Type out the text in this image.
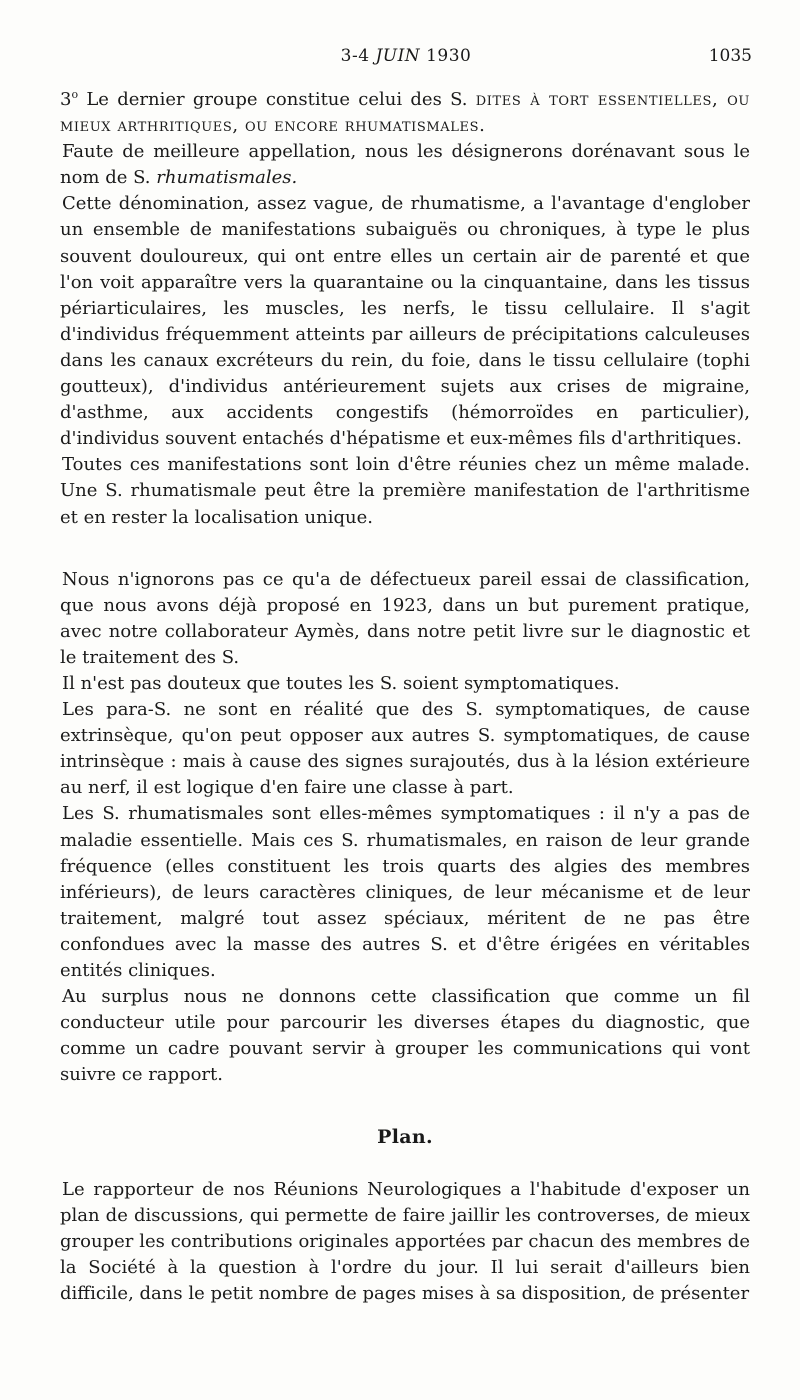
3-4 JUIN 1930	1035

3$^o$ Le dernier groupe constitue celui des S. dites à tort essentielles, ou mieux arthritiques, ou encore rhumatismales.

Faute de meilleure appellation, nous les désignerons dorénavant sous le nom de S. rhumatismales.

Cette dénomination, assez vague, de rhumatisme, a l'avantage d'englober un ensemble de manifestations subaiguës ou chroniques, à type le plus souvent douloureux, qui ont entre elles un certain air de parenté et que l'on voit apparaître vers la quarantaine ou la cinquantaine, dans les tissus périarticulaires, les muscles, les nerfs, le tissu cellulaire. Il s'agit d'individus fréquemment atteints par ailleurs de précipitations calculeuses dans les canaux excréteurs du rein, du foie, dans le tissu cellulaire (tophi goutteux), d'individus antérieurement sujets aux crises de migraine, d'asthme, aux accidents congestifs (hémorroïdes en particulier), d'individus souvent entachés d'hépatisme et eux-mêmes fils d'arthritiques.

Toutes ces manifestations sont loin d'être réunies chez un même malade. Une S. rhumatismale peut être la première manifestation de l'arthritisme et en rester la localisation unique.

Nous n'ignorons pas ce qu'a de défectueux pareil essai de classification, que nous avons déjà proposé en 1923, dans un but purement pratique, avec notre collaborateur Aymès, dans notre petit livre sur le diagnostic et le traitement des S.

Il n'est pas douteux que toutes les S. soient symptomatiques.

Les para-S. ne sont en réalité que des S. symptomatiques, de cause extrinsèque, qu'on peut opposer aux autres S. symptomatiques, de cause intrinsèque : mais à cause des signes surajoutés, dus à la lésion extérieure au nerf, il est logique d'en faire une classe à part.

Les S. rhumatismales sont elles-mêmes symptomatiques : il n'y a pas de maladie essentielle. Mais ces S. rhumatismales, en raison de leur grande fréquence (elles constituent les trois quarts des algies des membres inférieurs), de leurs caractères cliniques, de leur mécanisme et de leur traitement, malgré tout assez spéciaux, méritent de ne pas être confondues avec la masse des autres S. et d'être érigées en véritables entités cliniques.

Au surplus nous ne donnons cette classification que comme un fil conducteur utile pour parcourir les diverses étapes du diagnostic, que comme un cadre pouvant servir à grouper les communications qui vont suivre ce rapport.

Plan.

Le rapporteur de nos Réunions Neurologiques a l'habitude d'exposer un plan de discussions, qui permette de faire jaillir les controverses, de mieux grouper les contributions originales apportées par chacun des membres de la Société à la question à l'ordre du jour. Il lui serait d'ailleurs bien difficile, dans le petit nombre de pages mises à sa disposition, de présenter
